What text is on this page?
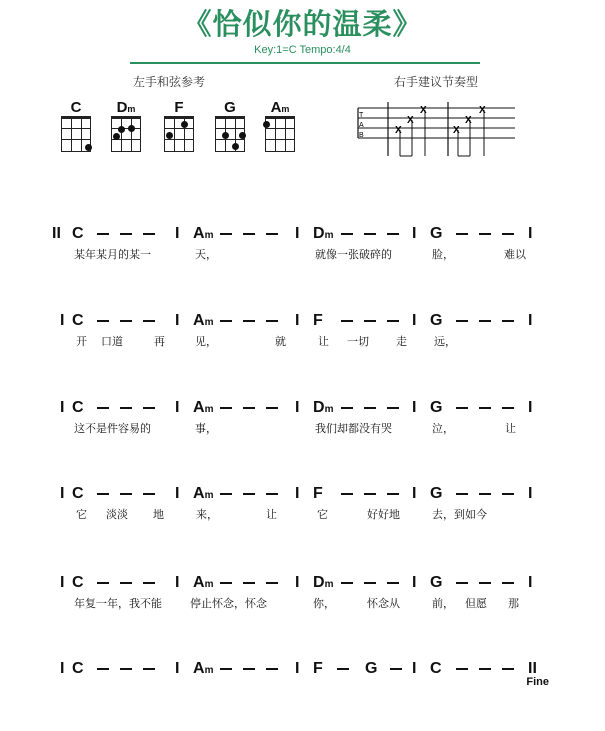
《恰似你的温柔》
Key:1=C Tempo:4/4
左手和弦参考	右手建议节奏型
C	Dm	F	G	Am
T
A
B	X
X
X
X
X
X
II C	I Am	I Dm	I G	I
某年某月的某一	天，	就像一张破碎的	脸，	难以
I C	I Am	I F	I G	I
开 口道	再	见，	就	让 一切 走 远，
I C	I Am	I Dm	I G	I
这不是件容易的	事，	我们却都没有哭	泣，	让
I C	I Am	I F	I G	I
它 淡淡 地	来，	让	它	好好地	去，到如今
I C	I Am	I Dm	I G	I
年复一年，我不能	停止怀念，怀念	你，	怀念从	前， 但愿 那
I C	I Am	I F	G I C	II
Fine
